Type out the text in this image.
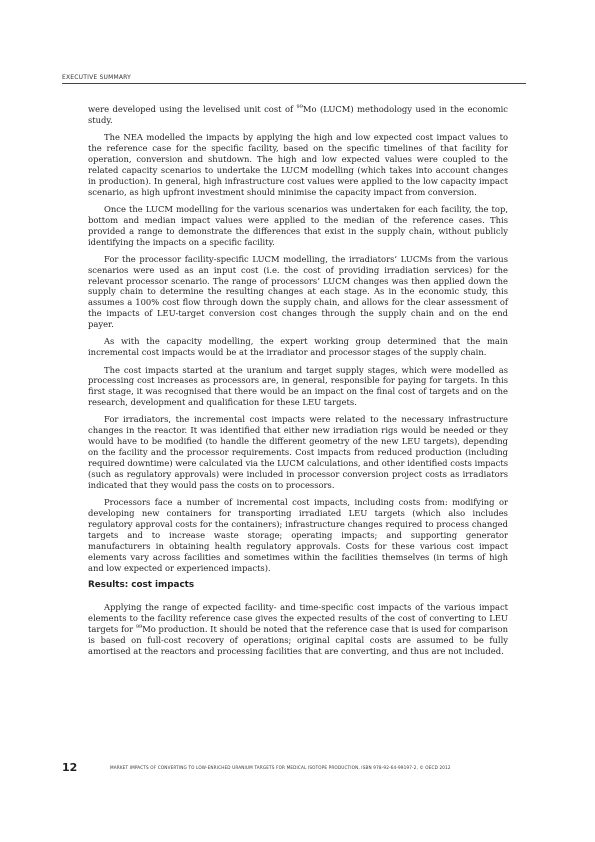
EXECUTIVE SUMMARY

were developed using the levelised unit cost of $^{99}$Mo (LUCM) methodology used in the economic study.

The NEA modelled the impacts by applying the high and low expected cost impact values to the reference case for the specific facility, based on the specific timelines of that facility for operation, conversion and shutdown. The high and low expected values were coupled to the related capacity scenarios to undertake the LUCM modelling (which takes into account changes in production). In general, high infrastructure cost values were applied to the low capacity impact scenario, as high upfront investment should minimise the capacity impact from conversion.

Once the LUCM modelling for the various scenarios was undertaken for each facility, the top, bottom and median impact values were applied to the median of the reference cases. This provided a range to demonstrate the differences that exist in the supply chain, without publicly identifying the impacts on a specific facility.

For the processor facility-specific LUCM modelling, the irradiators’ LUCMs from the various scenarios were used as an input cost (i.e. the cost of providing irradiation services) for the relevant processor scenario. The range of processors’ LUCM changes was then applied down the supply chain to determine the resulting changes at each stage. As in the economic study, this assumes a 100% cost flow through down the supply chain, and allows for the clear assessment of the impacts of LEU-target conversion cost changes through the supply chain and on the end payer.

As with the capacity modelling, the expert working group determined that the main incremental cost impacts would be at the irradiator and processor stages of the supply chain.

The cost impacts started at the uranium and target supply stages, which were modelled as processing cost increases as processors are, in general, responsible for paying for targets. In this first stage, it was recognised that there would be an impact on the final cost of targets and on the research, development and qualification for these LEU targets.

For irradiators, the incremental cost impacts were related to the necessary infrastructure changes in the reactor. It was identified that either new irradiation rigs would be needed or they would have to be modified (to handle the different geometry of the new LEU targets), depending on the facility and the processor requirements. Cost impacts from reduced production (including required downtime) were calculated via the LUCM calculations, and other identified costs impacts (such as regulatory approvals) were included in processor conversion project costs as irradiators indicated that they would pass the costs on to processors.

Processors face a number of incremental cost impacts, including costs from: modifying or developing new containers for transporting irradiated LEU targets (which also includes regulatory approval costs for the containers); infrastructure changes required to process changed targets and to increase waste storage; operating impacts; and supporting generator manufacturers in obtaining health regulatory approvals. Costs for these various cost impact elements vary across facilities and sometimes within the facilities themselves (in terms of high and low expected or experienced impacts).

Results: cost impacts

Applying the range of expected facility- and time-specific cost impacts of the various impact elements to the facility reference case gives the expected results of the cost of converting to LEU targets for $^{99}$Mo production. It should be noted that the reference case that is used for comparison is based on full-cost recovery of operations; original capital costs are assumed to be fully amortised at the reactors and processing facilities that are converting, and thus are not included.

12	MARKET IMPACTS OF CONVERTING TO LOW-ENRICHED URANIUM TARGETS FOR MEDICAL ISOTOPE PRODUCTION, ISBN 978-92-64-99197-2, © OECD 2012
